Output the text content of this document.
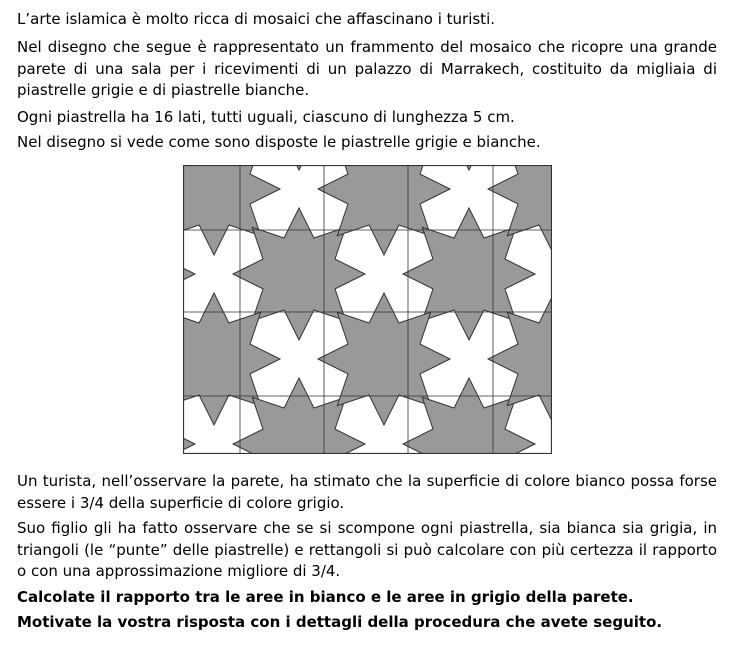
L’arte islamica è molto ricca di mosaici che affascinano i turisti.

Nel disegno che segue è rappresentato un frammento del mosaico che ricopre una grande parete di una sala per i ricevimenti di un palazzo di Marrakech, costituito da migliaia di piastrelle grigie e di piastrelle bianche.

Ogni piastrella ha 16 lati, tutti uguali, ciascuno di lunghezza 5 cm.

Nel disegno si vede come sono disposte le piastrelle grigie e bianche.

Un turista, nell’osservare la parete, ha stimato che la superficie di colore bianco possa forse essere i 3/4 della superficie di colore grigio.

Suo figlio gli ha fatto osservare che se si scompone ogni piastrella, sia bianca sia grigia, in triangoli (le “punte” delle piastrelle) e rettangoli si può calcolare con più certezza il rapporto o con una approssimazione migliore di 3/4.

Calcolate il rapporto tra le aree in bianco e le aree in grigio della parete.

Motivate la vostra risposta con i dettagli della procedura che avete seguito.
